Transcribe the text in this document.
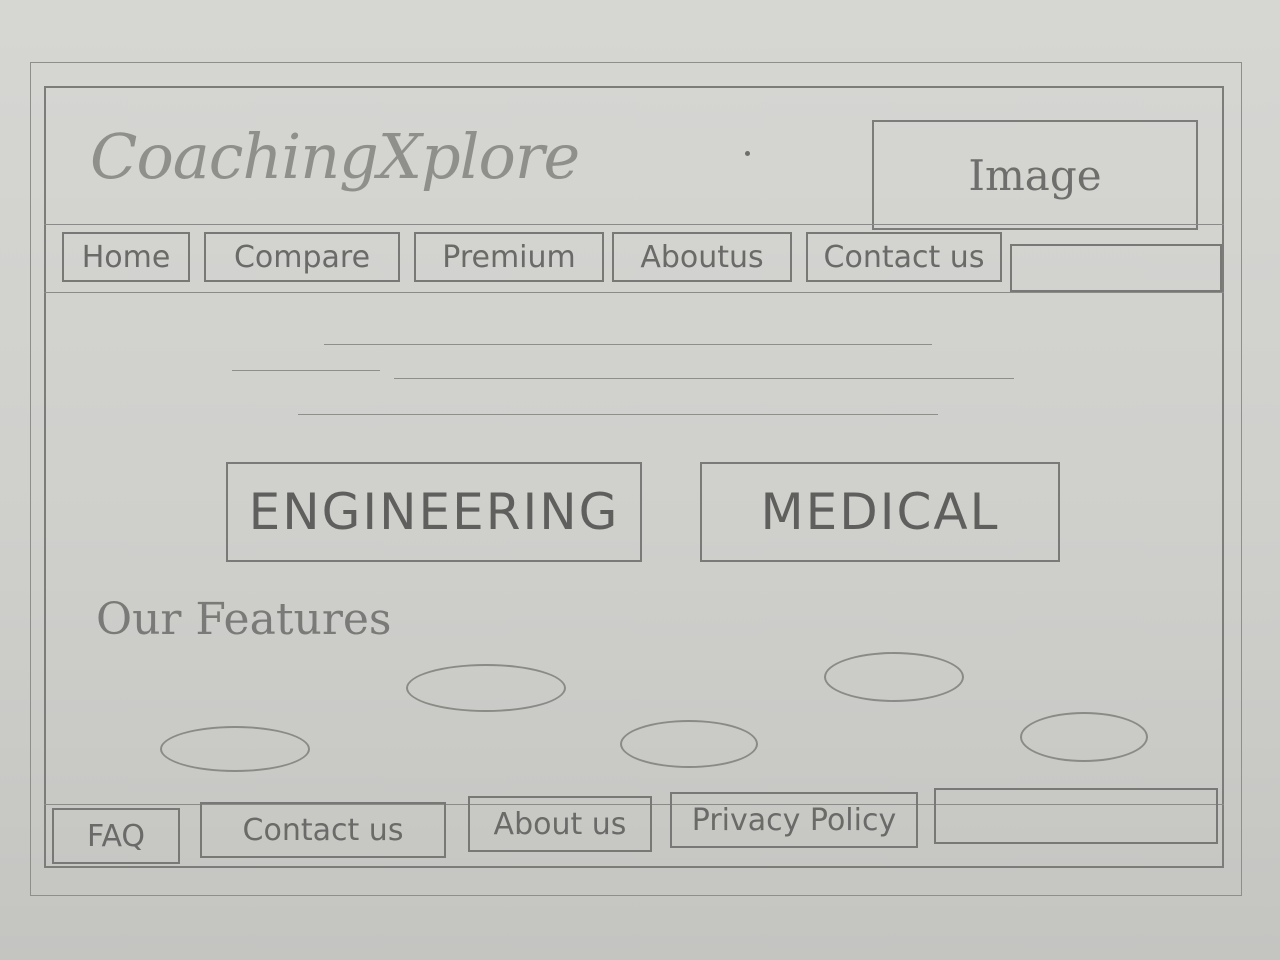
CoachingXplore	Image
Home	Compare	Premium	Aboutus	Contact us
ENGINEERING	MEDICAL
Our Features
FAQ	Contact us	About us	Privacy Policy
